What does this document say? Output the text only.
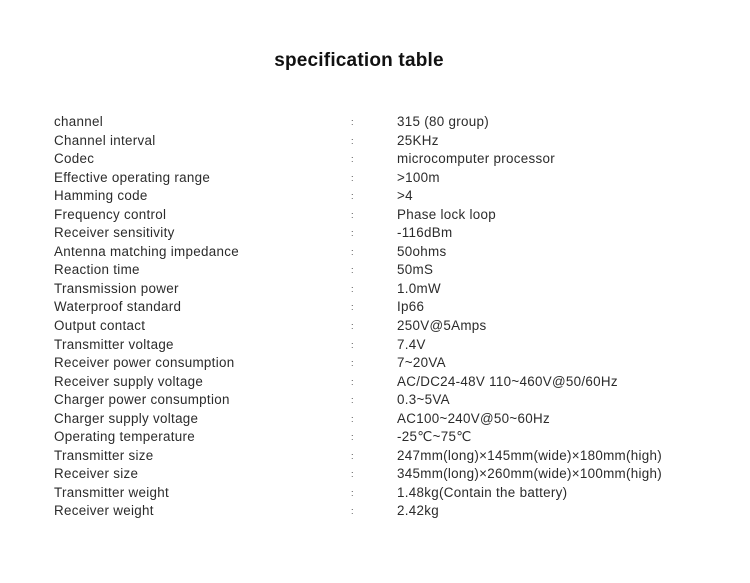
specification table
channel	:	315 (80 group)
Channel interval	:	25KHz
Codec	:	microcomputer processor
Effective operating range	:	>100m
Hamming code	:	>4
Frequency control	:	Phase lock loop
Receiver sensitivity	:	-116dBm
Antenna matching impedance	:	50ohms
Reaction time	:	50mS
Transmission power	:	1.0mW
Waterproof standard	:	Ip66
Output contact	:	250V@5Amps
Transmitter voltage	:	7.4V
Receiver power consumption	:	7~20VA
Receiver supply voltage	:	AC/DC24-48V 110~460V@50/60Hz
Charger power consumption	:	0.3~5VA
Charger supply voltage	:	AC100~240V@50~60Hz
Operating temperature	:	-25℃~75℃
Transmitter size	:	247mm(long)×145mm(wide)×180mm(high)
Receiver size	:	345mm(long)×260mm(wide)×100mm(high)
Transmitter weight	:	1.48kg(Contain the battery)
Receiver weight	:	2.42kg
